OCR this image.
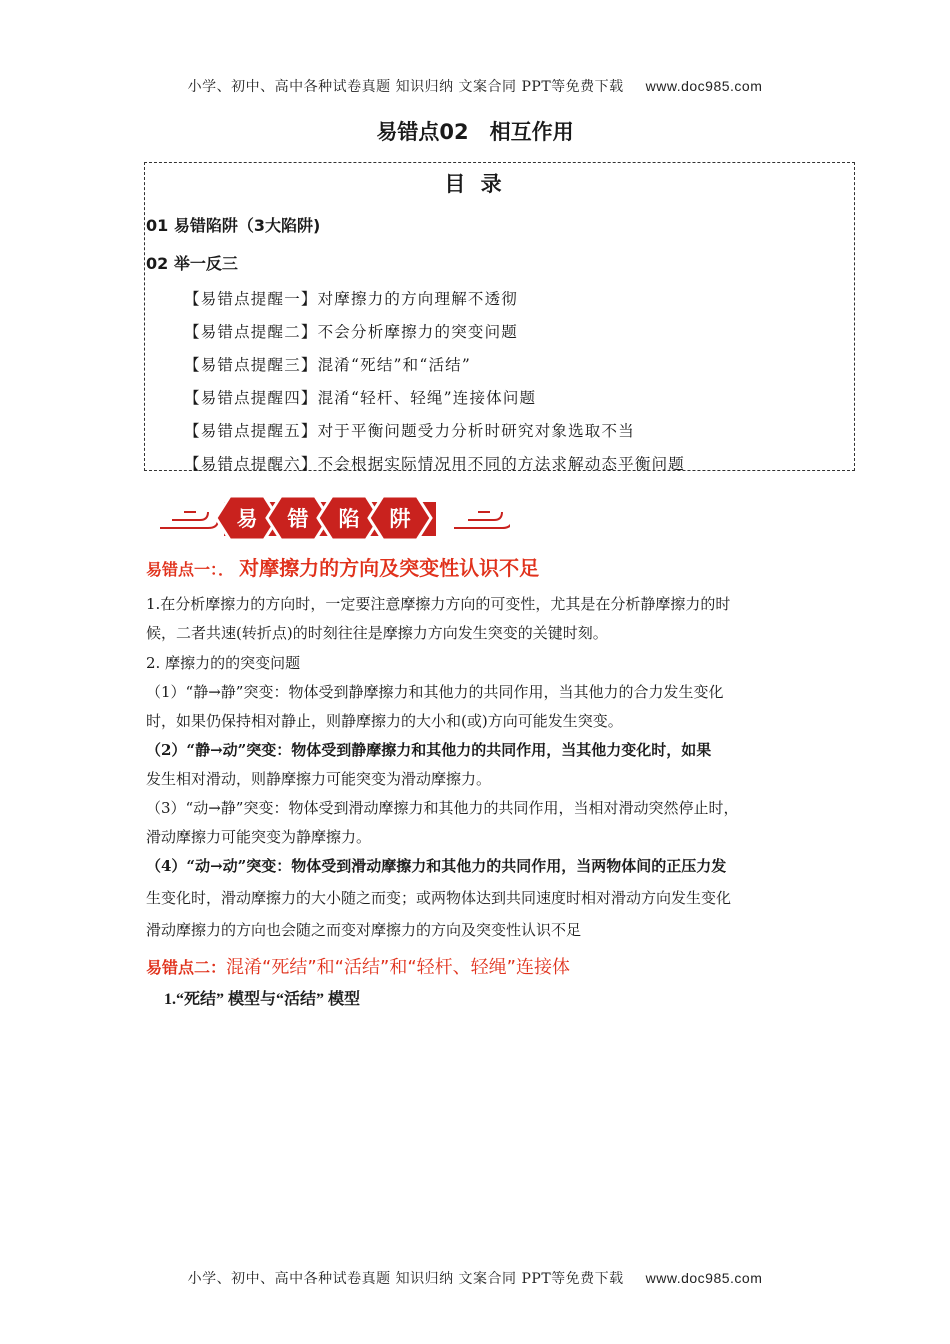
小学、初中、高中各种试卷真题 知识归纳 文案合同 PPT等免费下载 www.doc985.com
易错点02　相互作用
目 录
01 易错陷阱（3大陷阱)
02 举一反三
【易错点提醒一】对摩擦力的方向理解不透彻
【易错点提醒二】不会分析摩擦力的突变问题
【易错点提醒三】混淆“死结”和“活结”
【易错点提醒四】混淆“轻杆、轻绳”连接体问题
【易错点提醒五】对于平衡问题受力分析时研究对象选取不当
【易错点提醒六】不会根据实际情况用不同的方法求解动态平衡问题
易 错 陷 阱
易错点一：． 对摩擦力的方向及突变性认识不足
1.在分析摩擦力的方向时，一定要注意摩擦力方向的可变性，尤其是在分析静摩擦力的时
候，二者共速(转折点)的时刻往往是摩擦力方向发生突变的关键时刻。
2. 摩擦力的的突变问题
（1）“静→静”突变：物体受到静摩擦力和其他力的共同作用，当其他力的合力发生变化
时，如果仍保持相对静止，则静摩擦力的大小和(或)方向可能发生突变。
（2）“静→动”突变：物体受到静摩擦力和其他力的共同作用，当其他力变化时，如果
发生相对滑动，则静摩擦力可能突变为滑动摩擦力。
（3）“动→静”突变：物体受到滑动摩擦力和其他力的共同作用，当相对滑动突然停止时，
滑动摩擦力可能突变为静摩擦力。
（4）“动→动”突变：物体受到滑动摩擦力和其他力的共同作用，当两物体间的正压力发
生变化时，滑动摩擦力的大小随之而变；或两物体达到共同速度时相对滑动方向发生变化
滑动摩擦力的方向也会随之而变对摩擦力的方向及突变性认识不足
易错点二：混淆“死结”和“活结”和“轻杆、轻绳”连接体
1.“死结” 模型与“活结” 模型
小学、初中、高中各种试卷真题 知识归纳 文案合同 PPT等免费下载 www.doc985.com
